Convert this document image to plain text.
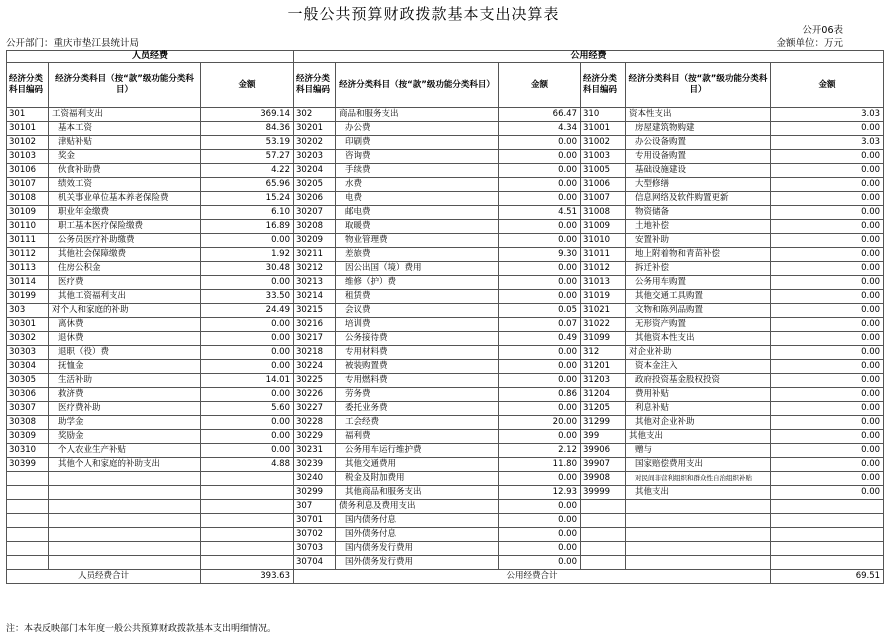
一般公共预算财政拨款基本支出决算表
公开06表
公开部门：重庆市垫江县统计局	金额单位：万元
人员经费			公用经费					
经济分类科目编码	经济分类科目（按“款”级功能分类科目）	金额	经济分类科目编码	经济分类科目（按“款”级功能分类科目）	金额	经济分类科目编码	经济分类科目（按“款”级功能分类科目）	金额
301	工资福利支出	369.14	302	商品和服务支出	66.47	310	资本性支出	3.03
30101	基本工资	84.36	30201	办公费	4.34	31001	房屋建筑物购建	0.00
30102	津贴补贴	53.19	30202	印刷费	0.00	31002	办公设备购置	3.03
30103	奖金	57.27	30203	咨询费	0.00	31003	专用设备购置	0.00
30106	伙食补助费	4.22	30204	手续费	0.00	31005	基础设施建设	0.00
30107	绩效工资	65.96	30205	水费	0.00	31006	大型修缮	0.00
30108	机关事业单位基本养老保险费	15.24	30206	电费	0.00	31007	信息网络及软件购置更新	0.00
30109	职业年金缴费	6.10	30207	邮电费	4.51	31008	物资储备	0.00
30110	职工基本医疗保险缴费	16.89	30208	取暖费	0.00	31009	土地补偿	0.00
30111	公务员医疗补助缴费	0.00	30209	物业管理费	0.00	31010	安置补助	0.00
30112	其他社会保障缴费	1.92	30211	差旅费	9.30	31011	地上附着物和青苗补偿	0.00
30113	住房公积金	30.48	30212	因公出国（境）费用	0.00	31012	拆迁补偿	0.00
30114	医疗费	0.00	30213	维修（护）费	0.00	31013	公务用车购置	0.00
30199	其他工资福利支出	33.50	30214	租赁费	0.00	31019	其他交通工具购置	0.00
303	对个人和家庭的补助	24.49	30215	会议费	0.05	31021	文物和陈列品购置	0.00
30301	离休费	0.00	30216	培训费	0.07	31022	无形资产购置	0.00
30302	退休费	0.00	30217	公务接待费	0.49	31099	其他资本性支出	0.00
30303	退职（役）费	0.00	30218	专用材料费	0.00	312	对企业补助	0.00
30304	抚恤金	0.00	30224	被装购置费	0.00	31201	资本金注入	0.00
30305	生活补助	14.01	30225	专用燃料费	0.00	31203	政府投资基金股权投资	0.00
30306	救济费	0.00	30226	劳务费	0.86	31204	费用补贴	0.00
30307	医疗费补助	5.60	30227	委托业务费	0.00	31205	利息补贴	0.00
30308	助学金	0.00	30228	工会经费	20.00	31299	其他对企业补助	0.00
30309	奖励金	0.00	30229	福利费	0.00	399	其他支出	0.00
30310	个人农业生产补贴	0.00	30231	公务用车运行维护费	2.12	39906	赠与	0.00
30399	其他个人和家庭的补助支出	4.88	30239	其他交通费用	11.80	39907	国家赔偿费用支出	0.00
			30240	税金及附加费用	0.00	39908	对民间非营利组织和群众性自治组织补贴	0.00
			30299	其他商品和服务支出	12.93	39999	其他支出	0.00
			307	债务利息及费用支出	0.00			
			30701	国内债务付息	0.00			
			30702	国外债务付息	0.00			
			30703	国内债务发行费用	0.00			
			30704	国外债务发行费用	0.00			
人员经费合计		393.63	公用经费合计					69.51
注：本表反映部门本年度一般公共预算财政拨款基本支出明细情况。
